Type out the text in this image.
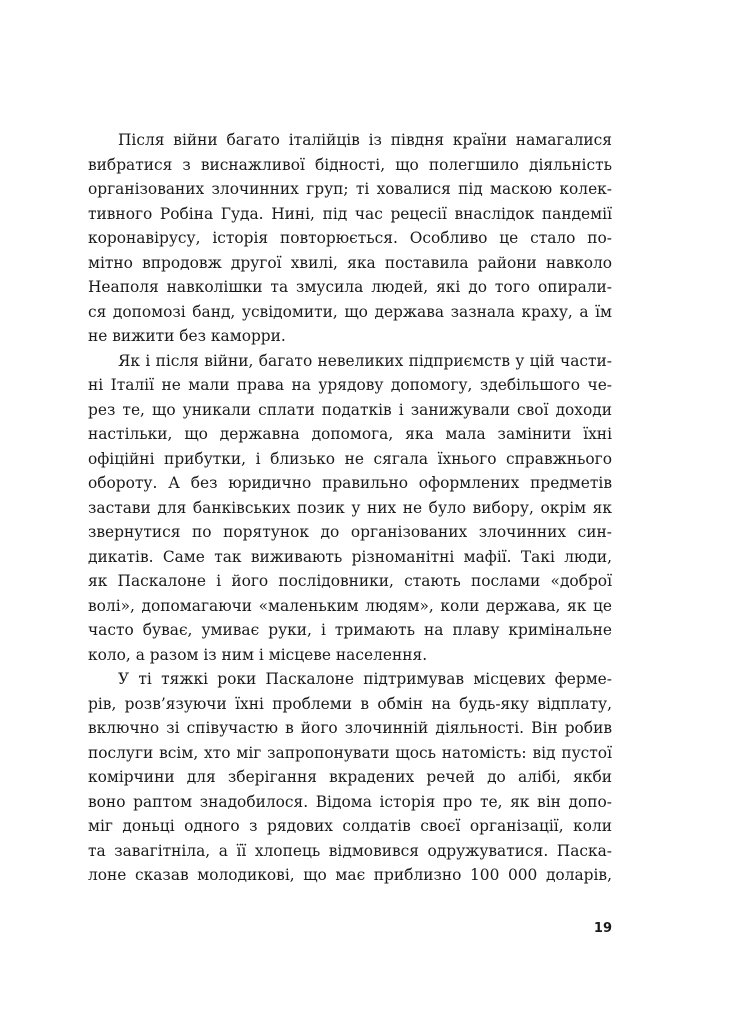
Після війни багато італійців із півдня країни намагалися
вибратися з виснажливої бідності, що полегшило діяльність
організованих злочинних груп; ті ховалися під маскою колек-
тивного Робіна Гуда. Нині, під час рецесії внаслідок пандемії
коронавірусу, історія повторюється. Особливо це стало по-
мітно впродовж другої хвилі, яка поставила райони навколо
Неаполя навколішки та змусила людей, які до того опирали-
ся допомозі банд, усвідомити, що держава зазнала краху, а їм
не вижити без каморри.
Як і після війни, багато невеликих підприємств у цій части-
ні Італії не мали права на урядову допомогу, здебільшого че-
рез те, що уникали сплати податків і занижували свої доходи
настільки, що державна допомога, яка мала замінити їхні
офіційні прибутки, і близько не сягала їхнього справжнього
обороту. А без юридично правильно оформлених предметів
застави для банківських позик у них не було вибору, окрім як
звернутися по порятунок до організованих злочинних син-
дикатів. Саме так виживають різноманітні мафії. Такі люди,
як Паскалоне і його послідовники, стають послами «доброї
волі», допомагаючи «маленьким людям», коли держава, як це
часто буває, умиває руки, і тримають на плаву кримінальне
коло, а разом із ним і місцеве населення.
У ті тяжкі роки Паскалоне підтримував місцевих ферме-
рів, розв’язуючи їхні проблеми в обмін на будь-яку відплату,
включно зі співучастю в його злочинній діяльності. Він робив
послуги всім, хто міг запропонувати щось натомість: від пустої
комірчини для зберігання вкрадених речей до алібі, якби
воно раптом знадобилося. Відома історія про те, як він допо-
міг доньці одного з рядових солдатів своєї організації, коли
та завагітніла, а її хлопець відмовився одружуватися. Паска-
лоне сказав молодикові, що має приблизно 100 000 доларів,
19
